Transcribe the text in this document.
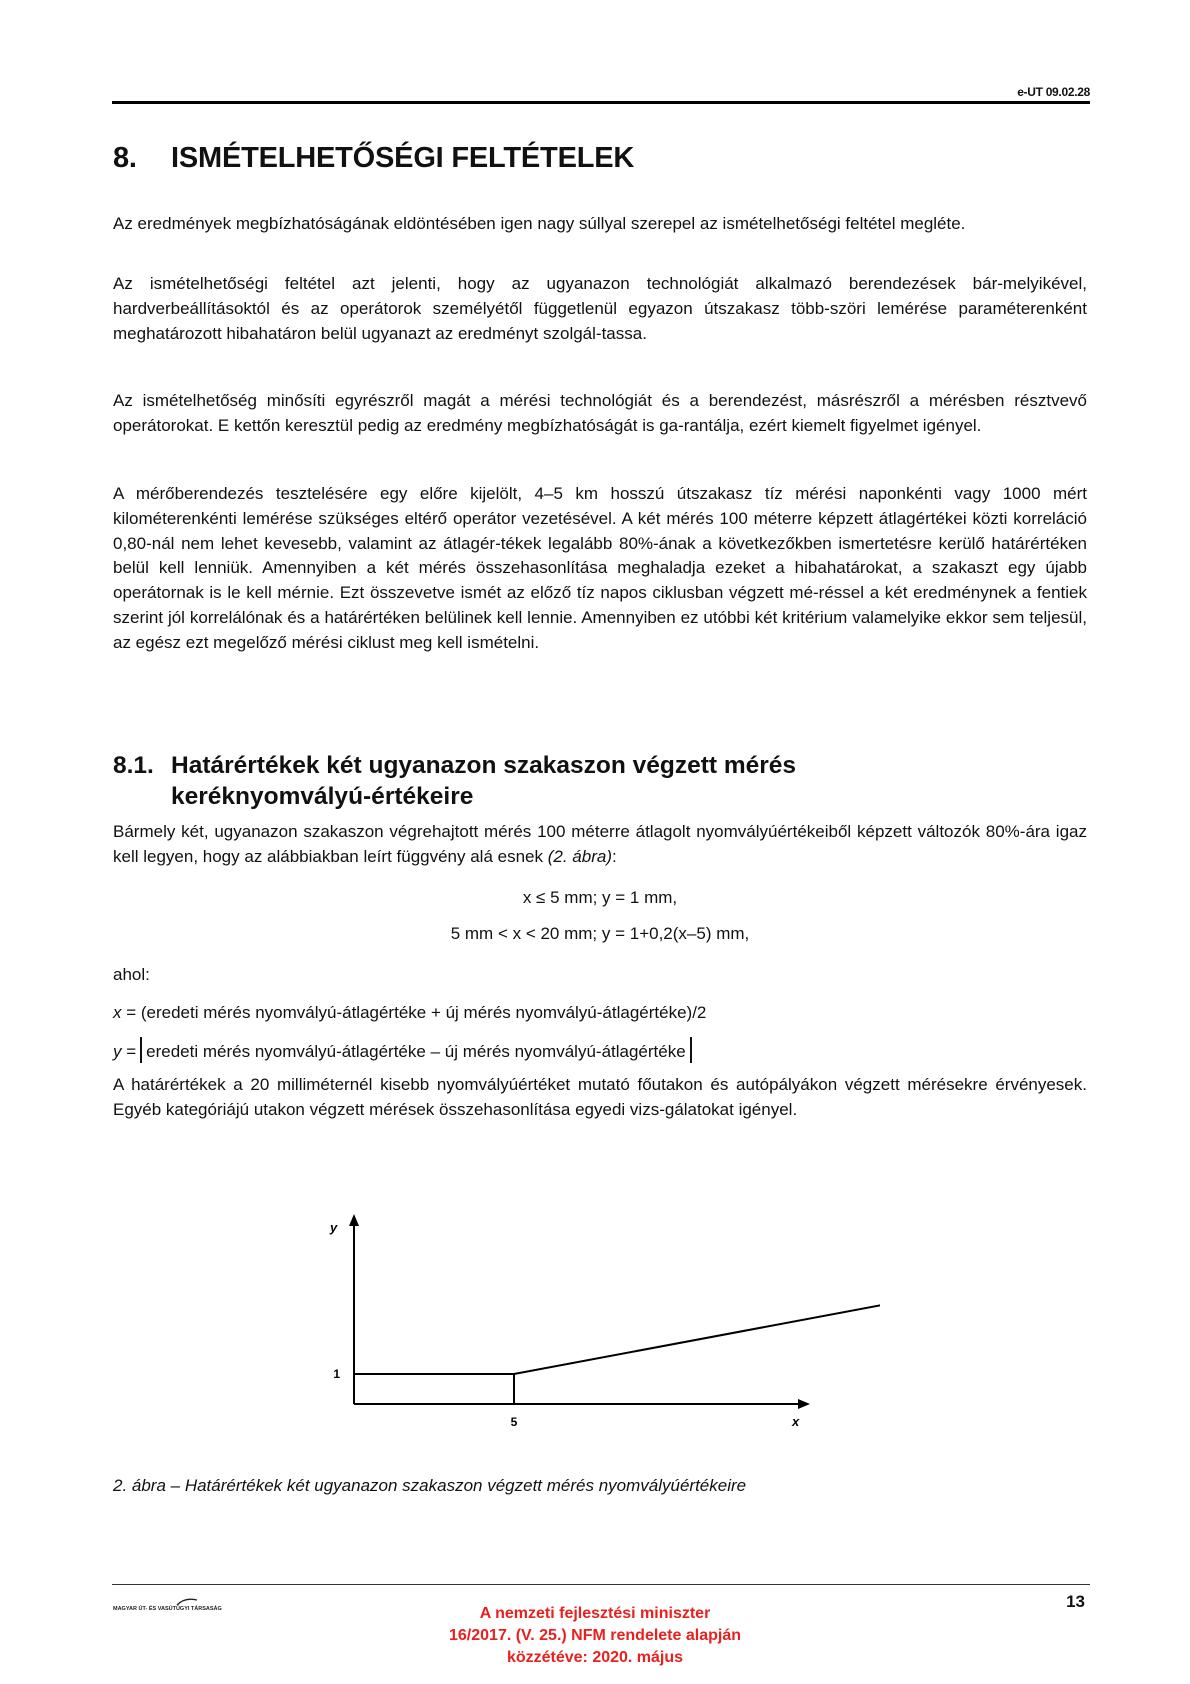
e-UT 09.02.28
8. ISMÉTELHETŐSÉGI FELTÉTELEK

Az eredmények megbízhatóságának eldöntésében igen nagy súllyal szerepel az ismételhetőségi feltétel megléte.

Az ismételhetőségi feltétel azt jelenti, hogy az ugyanazon technológiát alkalmazó berendezések bár-melyikével, hardverbeállításoktól és az operátorok személyétől függetlenül egyazon útszakasz több-szöri lemérése paraméterenként meghatározott hibahatáron belül ugyanazt az eredményt szolgál-tassa.

Az ismételhetőség minősíti egyrészről magát a mérési technológiát és a berendezést, másrészről a mérésben résztvevő operátorokat. E kettőn keresztül pedig az eredmény megbízhatóságát is ga-rantálja, ezért kiemelt figyelmet igényel.

A mérőberendezés tesztelésére egy előre kijelölt, 4–5 km hosszú útszakasz tíz mérési naponkénti vagy 1000 mért kilométerenkénti lemérése szükséges eltérő operátor vezetésével. A két mérés 100 méterre képzett átlagértékei közti korreláció 0,80-nál nem lehet kevesebb, valamint az átlagér-tékek legalább 80%-ának a következőkben ismertetésre kerülő határértéken belül kell lenniük. Amennyiben a két mérés összehasonlítása meghaladja ezeket a hibahatárokat, a szakaszt egy újabb operátornak is le kell mérnie. Ezt összevetve ismét az előző tíz napos ciklusban végzett mé-réssel a két eredménynek a fentiek szerint jól korrelálónak és a határértéken belülinek kell lennie. Amennyiben ez utóbbi két kritérium valamelyike ekkor sem teljesül, az egész ezt megelőző mérési ciklust meg kell ismételni.

8.1. Határértékek két ugyanazon szakaszon végzett mérés
keréknyomvályú-értékeire

Bármely két, ugyanazon szakaszon végrehajtott mérés 100 méterre átlagolt nyomvályúértékeiből képzett változók 80%-ára igaz kell legyen, hogy az alábbiakban leírt függvény alá esnek (2. ábra):

x ≤ 5 mm; y = 1 mm,

5 mm < x < 20 mm; y = 1+0,2(x–5) mm,

ahol:

x = (eredeti mérés nyomvályú-átlagértéke + új mérés nyomvályú-átlagértéke)/2

y = eredeti mérés nyomvályú-átlagértéke – új mérés nyomvályú-átlagértéke

A határértékek a 20 milliméternél kisebb nyomvályúértéket mutató főutakon és autópályákon végzett mérésekre érvényesek. Egyéb kategóriájú utakon végzett mérések összehasonlítása egyedi vizs-gálatokat igényel.

5
1
x
y

2. ábra – Határértékek két ugyanazon szakaszon végzett mérés nyomvályúértékeire

MAGYAR ÚT- ÉS VASÚTÜGYI TÁRSASÁG	A nemzeti fejlesztési miniszter
16/2017. (V. 25.) NFM rendelete alapján
közzétéve: 2020. május

13
